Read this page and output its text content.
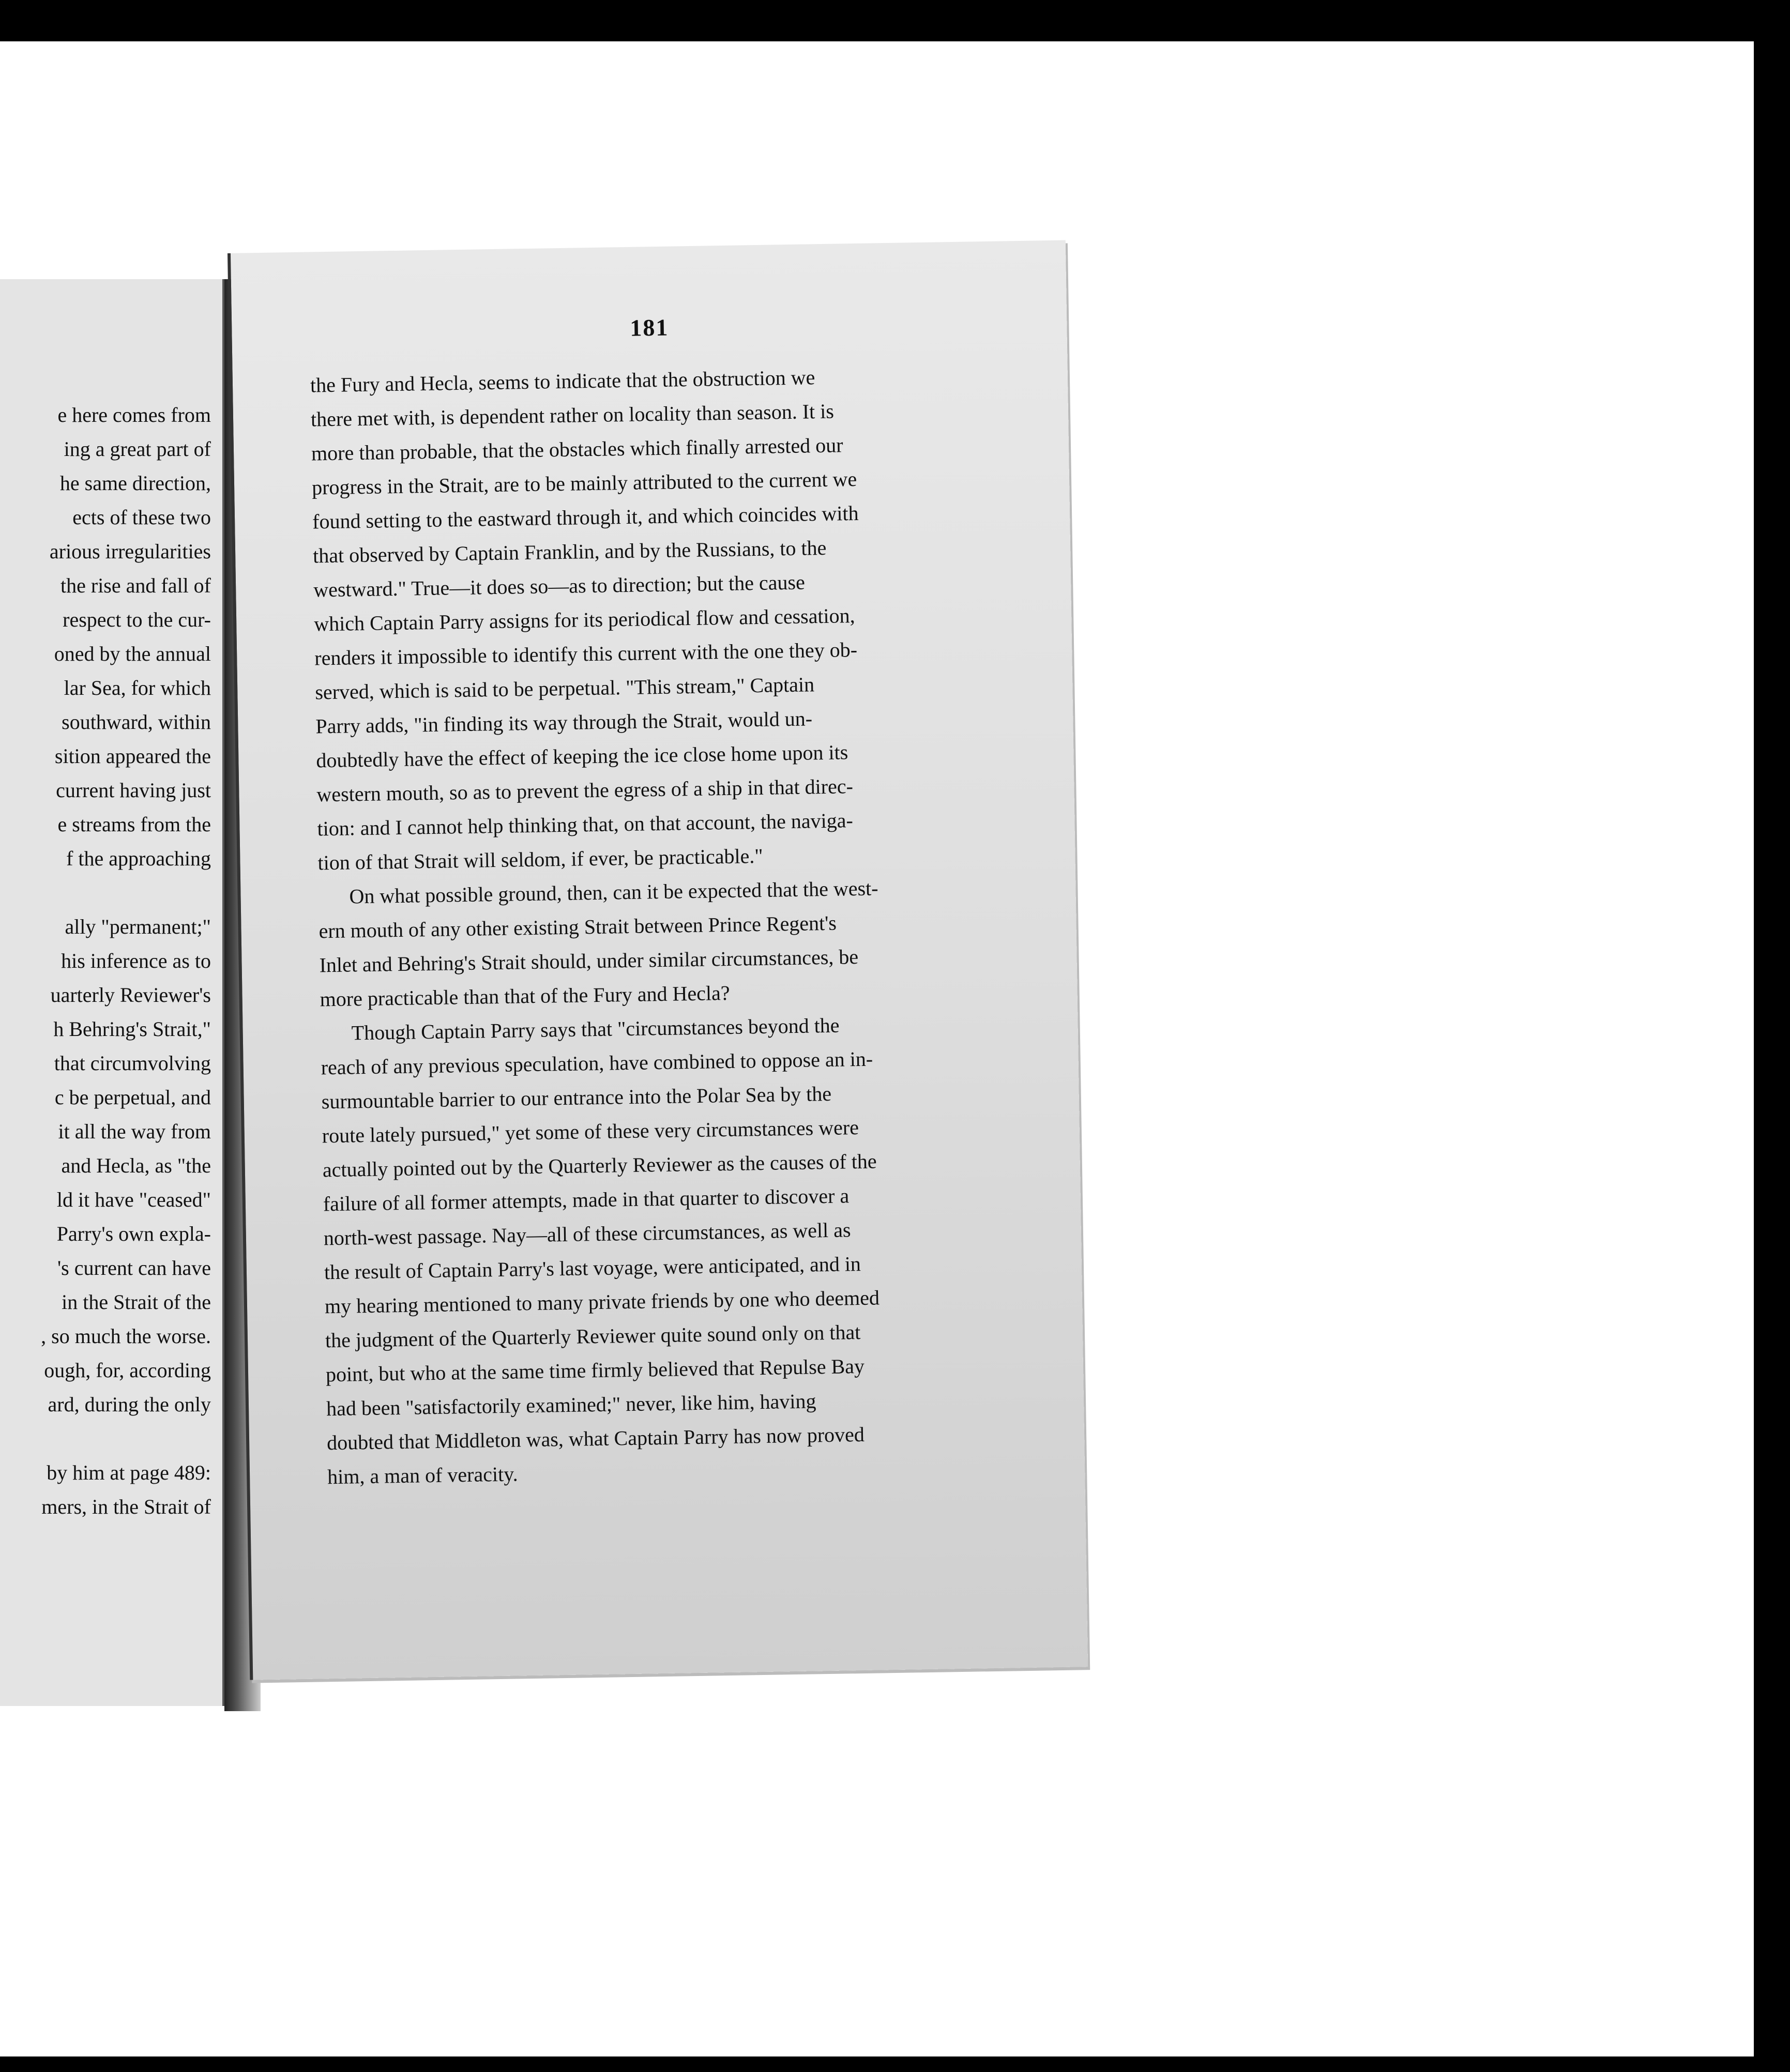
e here comes from
ing a great part of
he same direction,
ects of these two
arious irregularities
the rise and fall of
respect to the cur-
oned by the annual
lar Sea, for which
southward, within
sition appeared the
current having just
e streams from the
f the approaching
ally "permanent;"
his inference as to
uarterly Reviewer's
h Behring's Strait,"
that circumvolving
c be perpetual, and
it all the way from
and Hecla, as "the
ld it have "ceased"
Parry's own expla-
's current can have
in the Strait of the
, so much the worse.
ough, for, according
ard, during the only
by him at page 489:
mers, in the Strait of
181
the Fury and Hecla, seems to indicate that the obstruction we
there met with, is dependent rather on locality than season. It is
more than probable, that the obstacles which finally arrested our
progress in the Strait, are to be mainly attributed to the current we
found setting to the eastward through it, and which coincides with
that observed by Captain Franklin, and by the Russians, to the
westward." True—it does so—as to direction; but the cause
which Captain Parry assigns for its periodical flow and cessation,
renders it impossible to identify this current with the one they ob-
served, which is said to be perpetual. "This stream," Captain
Parry adds, "in finding its way through the Strait, would un-
doubtedly have the effect of keeping the ice close home upon its
western mouth, so as to prevent the egress of a ship in that direc-
tion: and I cannot help thinking that, on that account, the naviga-
tion of that Strait will seldom, if ever, be practicable."
On what possible ground, then, can it be expected that the west-
ern mouth of any other existing Strait between Prince Regent's
Inlet and Behring's Strait should, under similar circumstances, be
more practicable than that of the Fury and Hecla?
Though Captain Parry says that "circumstances beyond the
reach of any previous speculation, have combined to oppose an in-
surmountable barrier to our entrance into the Polar Sea by the
route lately pursued," yet some of these very circumstances were
actually pointed out by the Quarterly Reviewer as the causes of the
failure of all former attempts, made in that quarter to discover a
north-west passage. Nay—all of these circumstances, as well as
the result of Captain Parry's last voyage, were anticipated, and in
my hearing mentioned to many private friends by one who deemed
the judgment of the Quarterly Reviewer quite sound only on that
point, but who at the same time firmly believed that Repulse Bay
had been "satisfactorily examined;" never, like him, having
doubted that Middleton was, what Captain Parry has now proved
him, a man of veracity.
